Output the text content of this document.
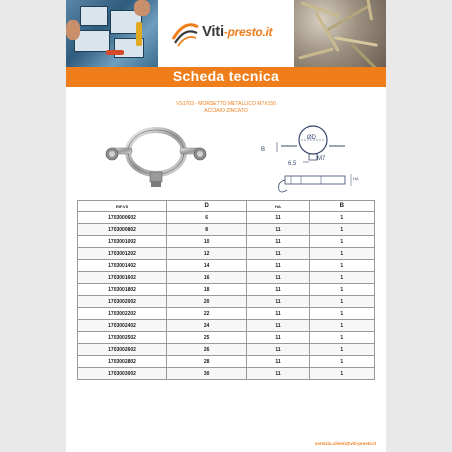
Viti-presto.it
Scheda tecnica
VS1703 - MORSETTO METALLICO M7X150
ACCIAIO ZINCATO
ØD
B
M7
6.5
HA
RIF.VS	D	HA	B
1703000602	6	11	1
1703000802	8	11	1
1703001002	10	11	1
1703001202	12	11	1
1703001402	14	11	1
1703001602	16	11	1
1703001802	18	11	1
1703002002	20	11	1
1703002202	22	11	1
1703002402	24	11	1
1703002502	25	11	1
1703002602	26	11	1
1703002802	28	11	1
1703003002	30	11	1
servizio.clienti@viti-presto.it
